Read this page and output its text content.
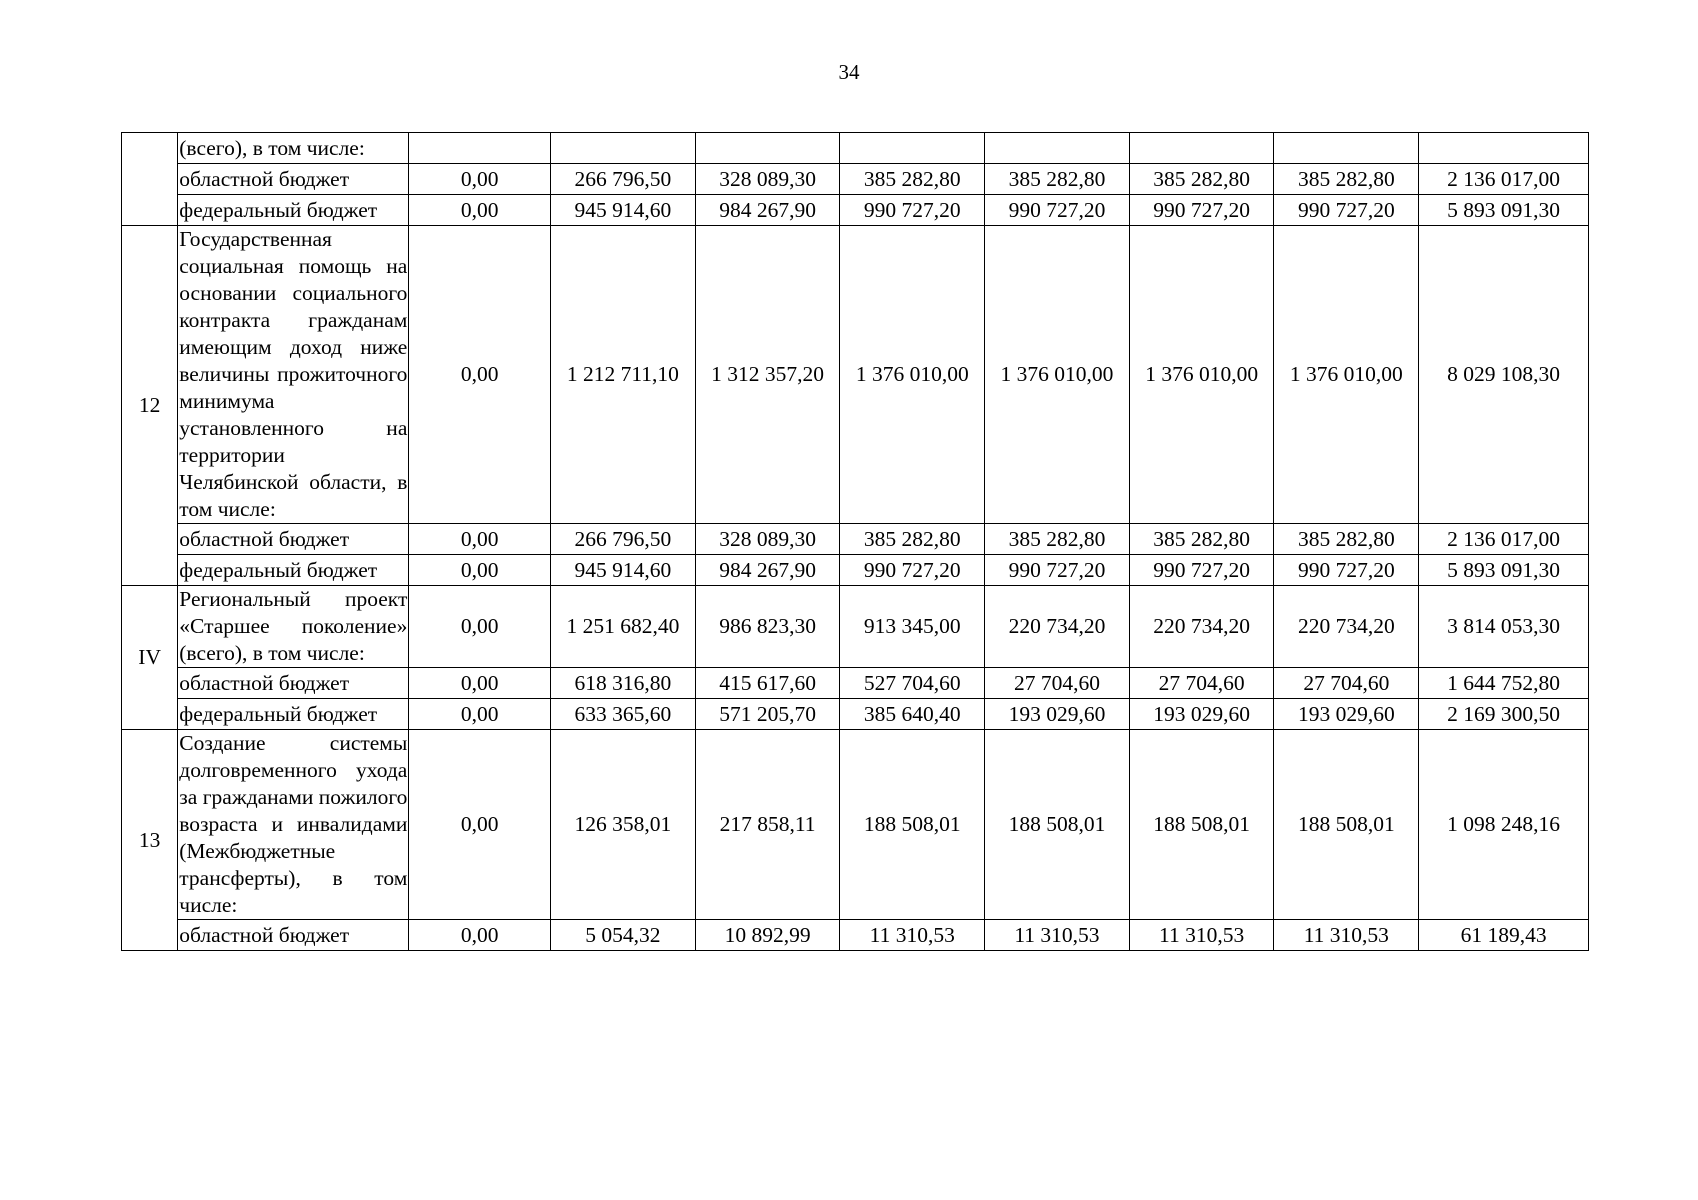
34
	(всего), в том числе:								
	областной бюджет	0,00	266 796,50	328 089,30	385 282,80	385 282,80	385 282,80	385 282,80	2 136 017,00
	федеральный бюджет	0,00	945 914,60	984 267,90	990 727,20	990 727,20	990 727,20	990 727,20	5 893 091,30
12	Государственная социальная помощь на основании социального контракта гражданам имеющим доход ниже величины прожиточного минимума установленного на территории Челябинской области, в том числе:	0,00	1 212 711,10	1 312 357,20	1 376 010,00	1 376 010,00	1 376 010,00	1 376 010,00	8 029 108,30
	областной бюджет	0,00	266 796,50	328 089,30	385 282,80	385 282,80	385 282,80	385 282,80	2 136 017,00
	федеральный бюджет	0,00	945 914,60	984 267,90	990 727,20	990 727,20	990 727,20	990 727,20	5 893 091,30
IV	Региональный проект «Старшее поколение» (всего), в том числе:	0,00	1 251 682,40	986 823,30	913 345,00	220 734,20	220 734,20	220 734,20	3 814 053,30
	областной бюджет	0,00	618 316,80	415 617,60	527 704,60	27 704,60	27 704,60	27 704,60	1 644 752,80
	федеральный бюджет	0,00	633 365,60	571 205,70	385 640,40	193 029,60	193 029,60	193 029,60	2 169 300,50
13	Создание системы долговременного ухода за гражданами пожилого возраста и инвалидами (Межбюджетные трансферты), в том числе:	0,00	126 358,01	217 858,11	188 508,01	188 508,01	188 508,01	188 508,01	1 098 248,16
	областной бюджет	0,00	5 054,32	10 892,99	11 310,53	11 310,53	11 310,53	11 310,53	61 189,43
